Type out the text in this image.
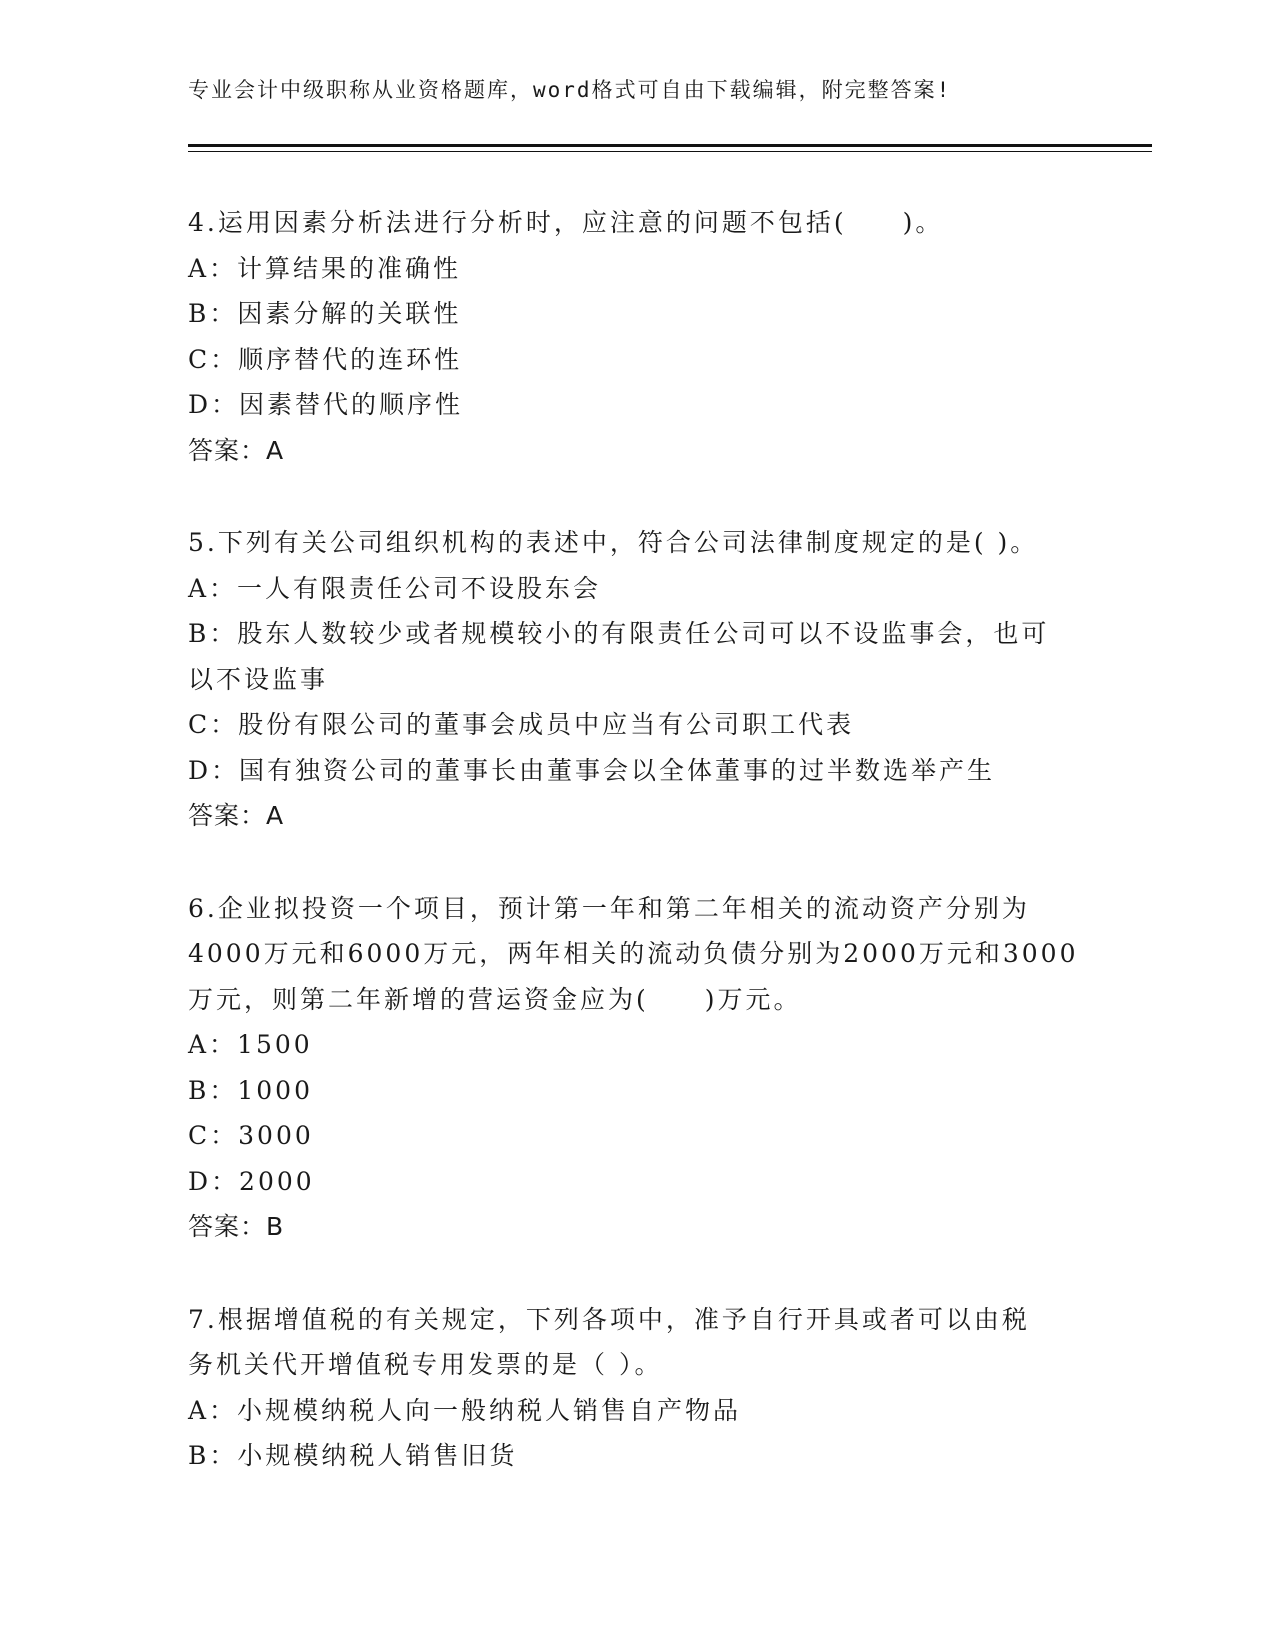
专业会计中级职称从业资格题库，word格式可自由下载编辑，附完整答案!
4.运用因素分析法进行分析时，应注意的问题不包括(　　)。
A：计算结果的准确性
B：因素分解的关联性
C：顺序替代的连环性
D：因素替代的顺序性
答案：A
5.下列有关公司组织机构的表述中，符合公司法律制度规定的是( )。
A：一人有限责任公司不设股东会
B：股东人数较少或者规模较小的有限责任公司可以不设监事会，也可
以不设监事
C：股份有限公司的董事会成员中应当有公司职工代表
D：国有独资公司的董事长由董事会以全体董事的过半数选举产生
答案：A
6.企业拟投资一个项目，预计第一年和第二年相关的流动资产分别为
4000万元和6000万元，两年相关的流动负债分别为2000万元和3000
万元，则第二年新增的营运资金应为(　　)万元。
A：1500
B：1000
C：3000
D：2000
答案：B
7.根据增值税的有关规定，下列各项中，准予自行开具或者可以由税
务机关代开增值税专用发票的是（ ）。
A：小规模纳税人向一般纳税人销售自产物品
B：小规模纳税人销售旧货
